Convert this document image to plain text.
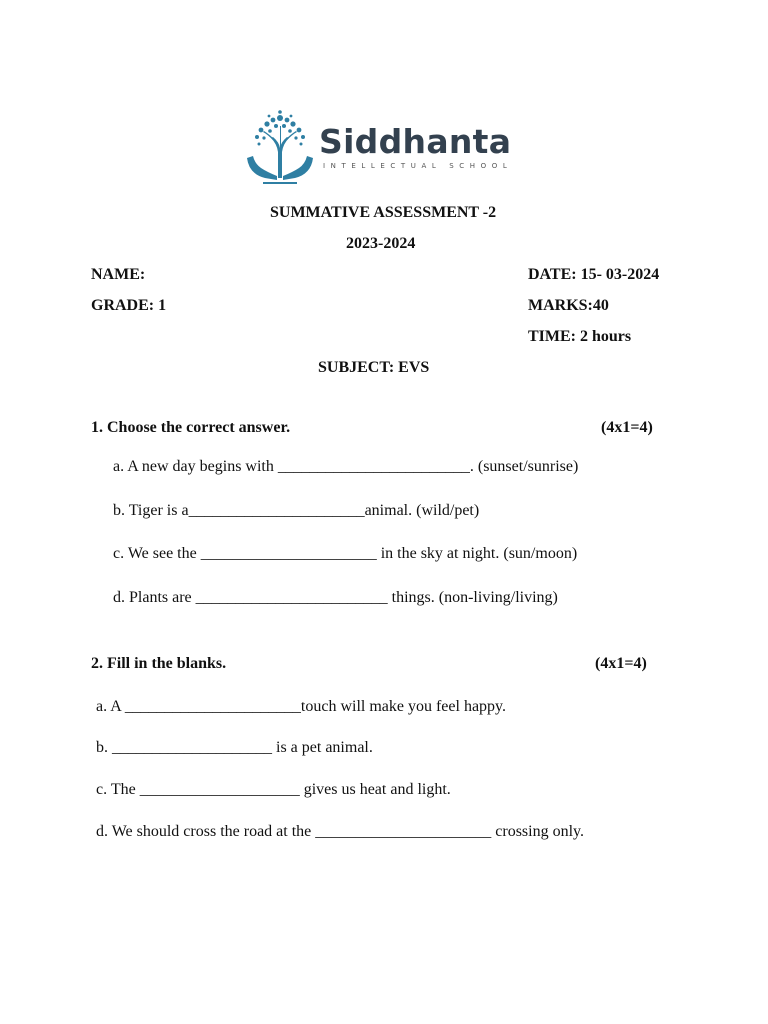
Siddhanta
INTELLECTUAL SCHOOL
SUMMATIVE ASSESSMENT -2
2023-2024
NAME:	DATE: 15- 03-2024
GRADE: 1	MARKS:40
TIME: 2 hours
SUBJECT: EVS
1. Choose the correct answer.	(4x1=4)
a. A new day begins with ________________________. (sunset/sunrise)
b. Tiger is a______________________animal. (wild/pet)
c. We see the ______________________ in the sky at night. (sun/moon)
d. Plants are ________________________ things. (non-living/living)
2. Fill in the blanks.	(4x1=4)
a. A ______________________touch will make you feel happy.
b. ____________________ is a pet animal.
c. The ____________________ gives us heat and light.
d. We should cross the road at the ______________________ crossing only.
